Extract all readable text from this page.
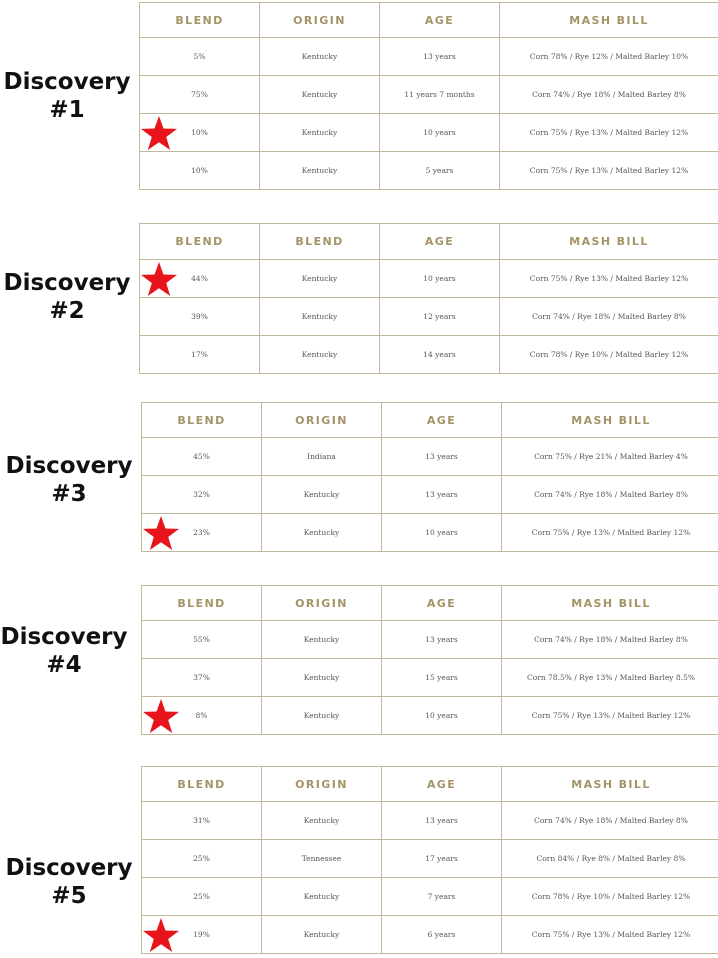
Discovery
#1
BLEND	ORIGIN	AGE	MASH BILL
5%	Kentucky	13 years	Corn 78% / Rye 12% / Malted Barley 10%
75%	Kentucky	11 years 7 months	Corn 74% / Rye 18% / Malted Barley 8%

10%	Kentucky	10 years	Corn 75% / Rye 13% / Malted Barley 12%
10%	Kentucky	5 years	Corn 75% / Rye 13% / Malted Barley 12%
Discovery
#2
BLEND	BLEND	AGE	MASH BILL

44%	Kentucky	10 years	Corn 75% / Rye 13% / Malted Barley 12%
39%	Kentucky	12 years	Corn 74% / Rye 18% / Malted Barley 8%
17%	Kentucky	14 years	Corn 78% / Rye 10% / Malted Barley 12%
Discovery
#3
BLEND	ORIGIN	AGE	MASH BILL
45%	Indiana	13 years	Corn 75% / Rye 21% / Malted Barley 4%
32%	Kentucky	13 years	Corn 74% / Rye 18% / Malted Barley 8%

23%	Kentucky	10 years	Corn 75% / Rye 13% / Malted Barley 12%
Discovery
#4
BLEND	ORIGIN	AGE	MASH BILL
55%	Kentucky	13 years	Corn 74% / Rye 18% / Malted Barley 8%
37%	Kentucky	15 years	Corn 78.5% / Rye 13% / Malted Barley 8.5%

8%	Kentucky	10 years	Corn 75% / Rye 13% / Malted Barley 12%
Discovery
#5
BLEND	ORIGIN	AGE	MASH BILL
31%	Kentucky	13 years	Corn 74% / Rye 18% / Malted Barley 8%
25%	Tennessee	17 years	Corn 84% / Rye 8% / Malted Barley 8%
25%	Kentucky	7 years	Corn 78% / Rye 10% / Malted Barley 12%

19%	Kentucky	6 years	Corn 75% / Rye 13% / Malted Barley 12%
